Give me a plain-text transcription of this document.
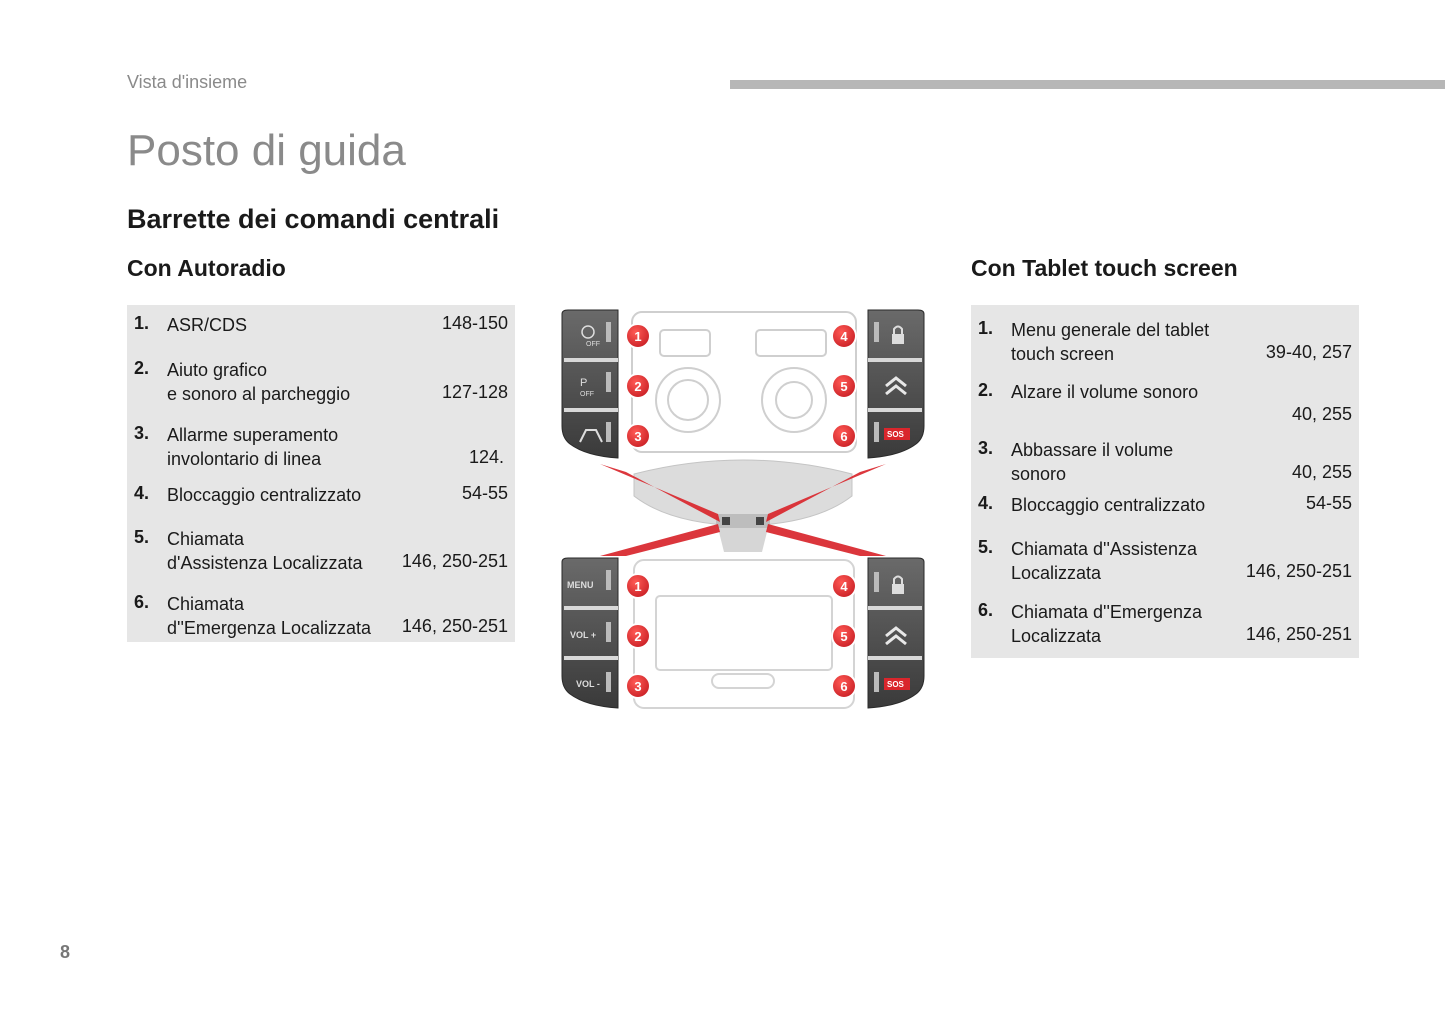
Vista d'insieme
Posto di guida
Barrette dei comandi centrali
Con Autoradio	Con Tablet touch screen
1. ASR/CDS	148-150
2. Aiuto grafico
e sonoro al parcheggio	127-128
3. Allarme superamento
involontario di linea	124.
4. Bloccaggio centralizzato	54-55
5. Chiamata
d'Assistenza Localizzata 146, 250-251
6. Chiamata
d''Emergenza Localizzata 146, 250-251
1. Menu generale del tablet
touch screen	39-40, 257
2. Alzare il volume sonoro
40, 255
3. Abbassare il volume
sonoro	40, 255
4. Bloccaggio centralizzato	54-55
5. Chiamata d''Assistenza
Localizzata	146, 250-251
6. Chiamata d''Emergenza
Localizzata	146, 250-251
OFF
OFF
P
SOS
MENU
VOL +
VOL -	SOS
1
2
3
4
5
6
1
2
3
4
5
6
8
